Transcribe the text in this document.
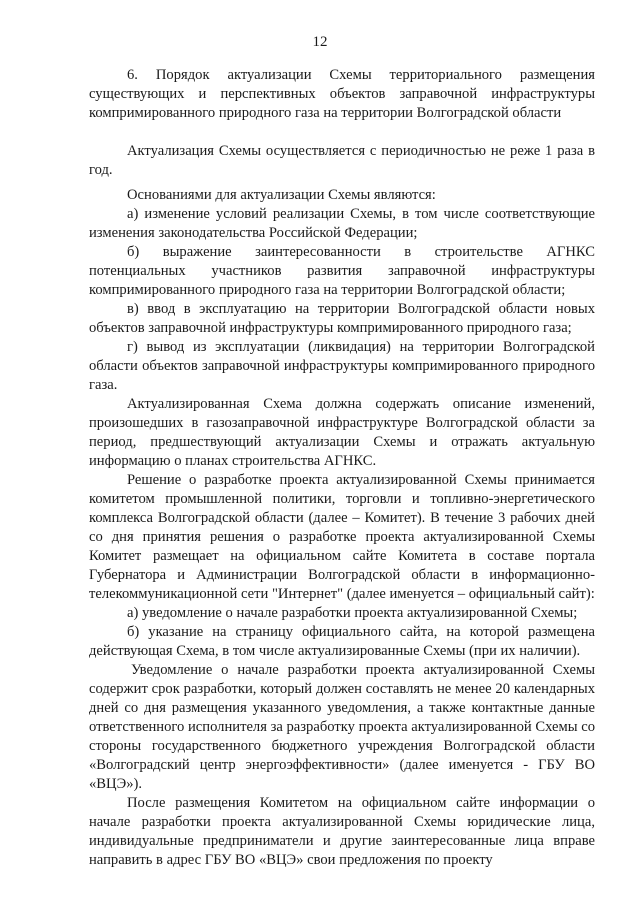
12

6. Порядок актуализации Схемы территориального размещения существующих и перспективных объектов заправочной инфраструктуры компримированного природного газа на территории Волгоградской области

Актуализация Схемы осуществляется с периодичностью не реже 1 раза в год.

Основаниями для актуализации Схемы являются:

а) изменение условий реализации Схемы, в том числе соответствующие изменения законодательства Российской Федерации;

б) выражение заинтересованности в строительстве АГНКС потенциальных участников развития заправочной инфраструктуры компримированного природного газа на территории Волгоградской области;

в) ввод в эксплуатацию на территории Волгоградской области новых объектов заправочной инфраструктуры компримированного природного газа;

г) вывод из эксплуатации (ликвидация) на территории Волгоградской области объектов заправочной инфраструктуры компримированного природного газа.

Актуализированная Схема должна содержать описание изменений, произошедших в газозаправочной инфраструктуре Волгоградской области за период, предшествующий актуализации Схемы и отражать актуальную информацию о планах строительства АГНКС.

Решение о разработке проекта актуализированной Схемы принимается комитетом промышленной политики, торговли и топливно-энергетического комплекса Волгоградской области (далее – Комитет). В течение 3 рабочих дней со дня принятия решения о разработке проекта актуализированной Схемы Комитет размещает на официальном сайте Комитета в составе портала Губернатора и Администрации Волгоградской области в информационно-телекоммуникационной сети "Интернет" (далее именуется – официальный сайт):

а) уведомление о начале разработки проекта актуализированной Схемы;

б) указание на страницу официального сайта, на которой размещена действующая Схема, в том числе актуализированные Схемы (при их наличии).

Уведомление о начале разработки проекта актуализированной Схемы содержит срок разработки, который должен составлять не менее 20 календарных дней со дня размещения указанного уведомления, а также контактные данные ответственного исполнителя за разработку проекта актуализированной Схемы со стороны государственного бюджетного учреждения Волгоградской области «Волгоградский центр энергоэффективности» (далее именуется - ГБУ ВО «ВЦЭ»).

После размещения Комитетом на официальном сайте информации о начале разработки проекта актуализированной Схемы юридические лица, индивидуальные предприниматели и другие заинтересованные лица вправе направить в адрес ГБУ ВО «ВЦЭ» свои предложения по проекту
